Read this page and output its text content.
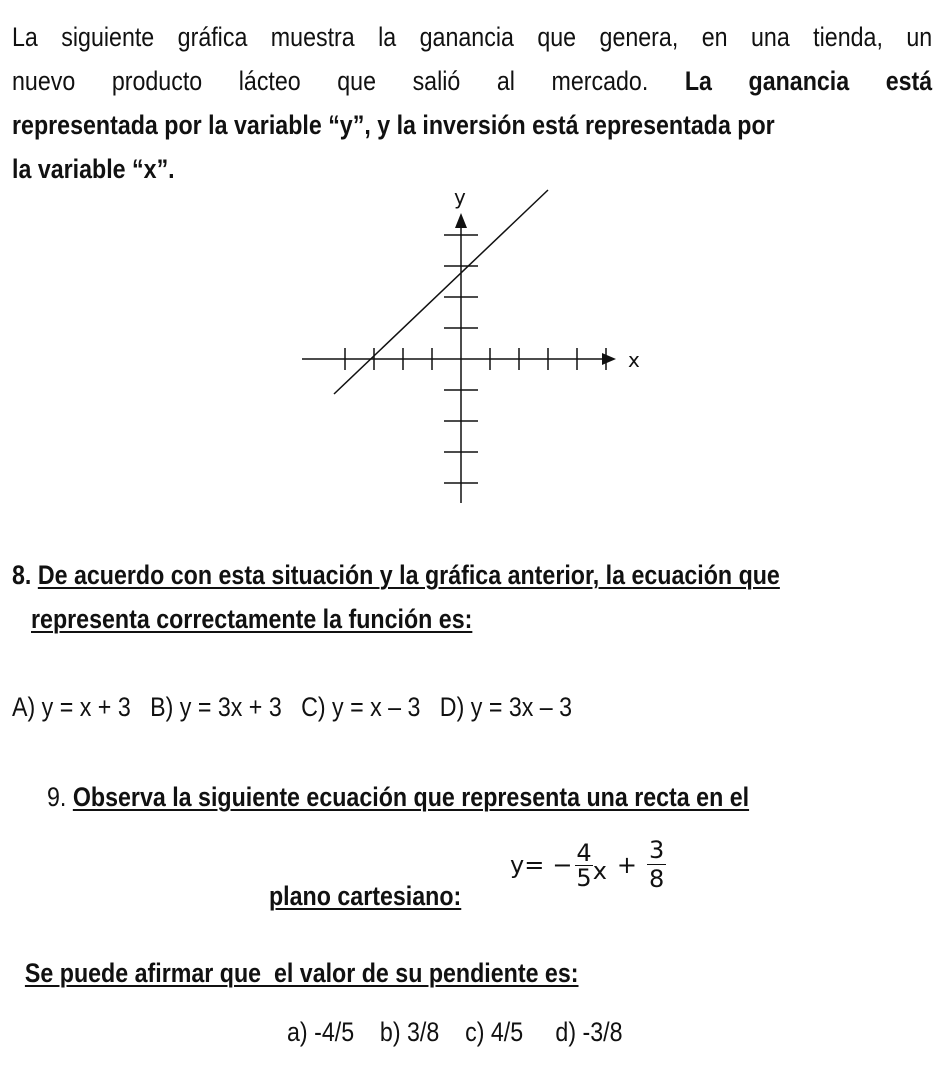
La siguiente gráfica muestra la ganancia que genera, en una tienda, un
nuevo producto lácteo que salió al mercado. La ganancia está
representada por la variable “y”, y la inversión está representada por
la variable “x”.
y
x
8. De acuerdo con esta situación y la gráfica anterior, la ecuación que
representa correctamente la función es:
A) y = x + 3   B) y = 3x + 3   C) y = x – 3   D) y = 3x – 3
9. Observa la siguiente ecuación que representa una recta en el
plano cartesiano:
$y= - \frac{4}{5}$ $x + \frac{3}{8}$

Se puede afirmar que  el valor de su pendiente es:

a) -4/5    b) 3/8    c) 4/5     d) -3/8
